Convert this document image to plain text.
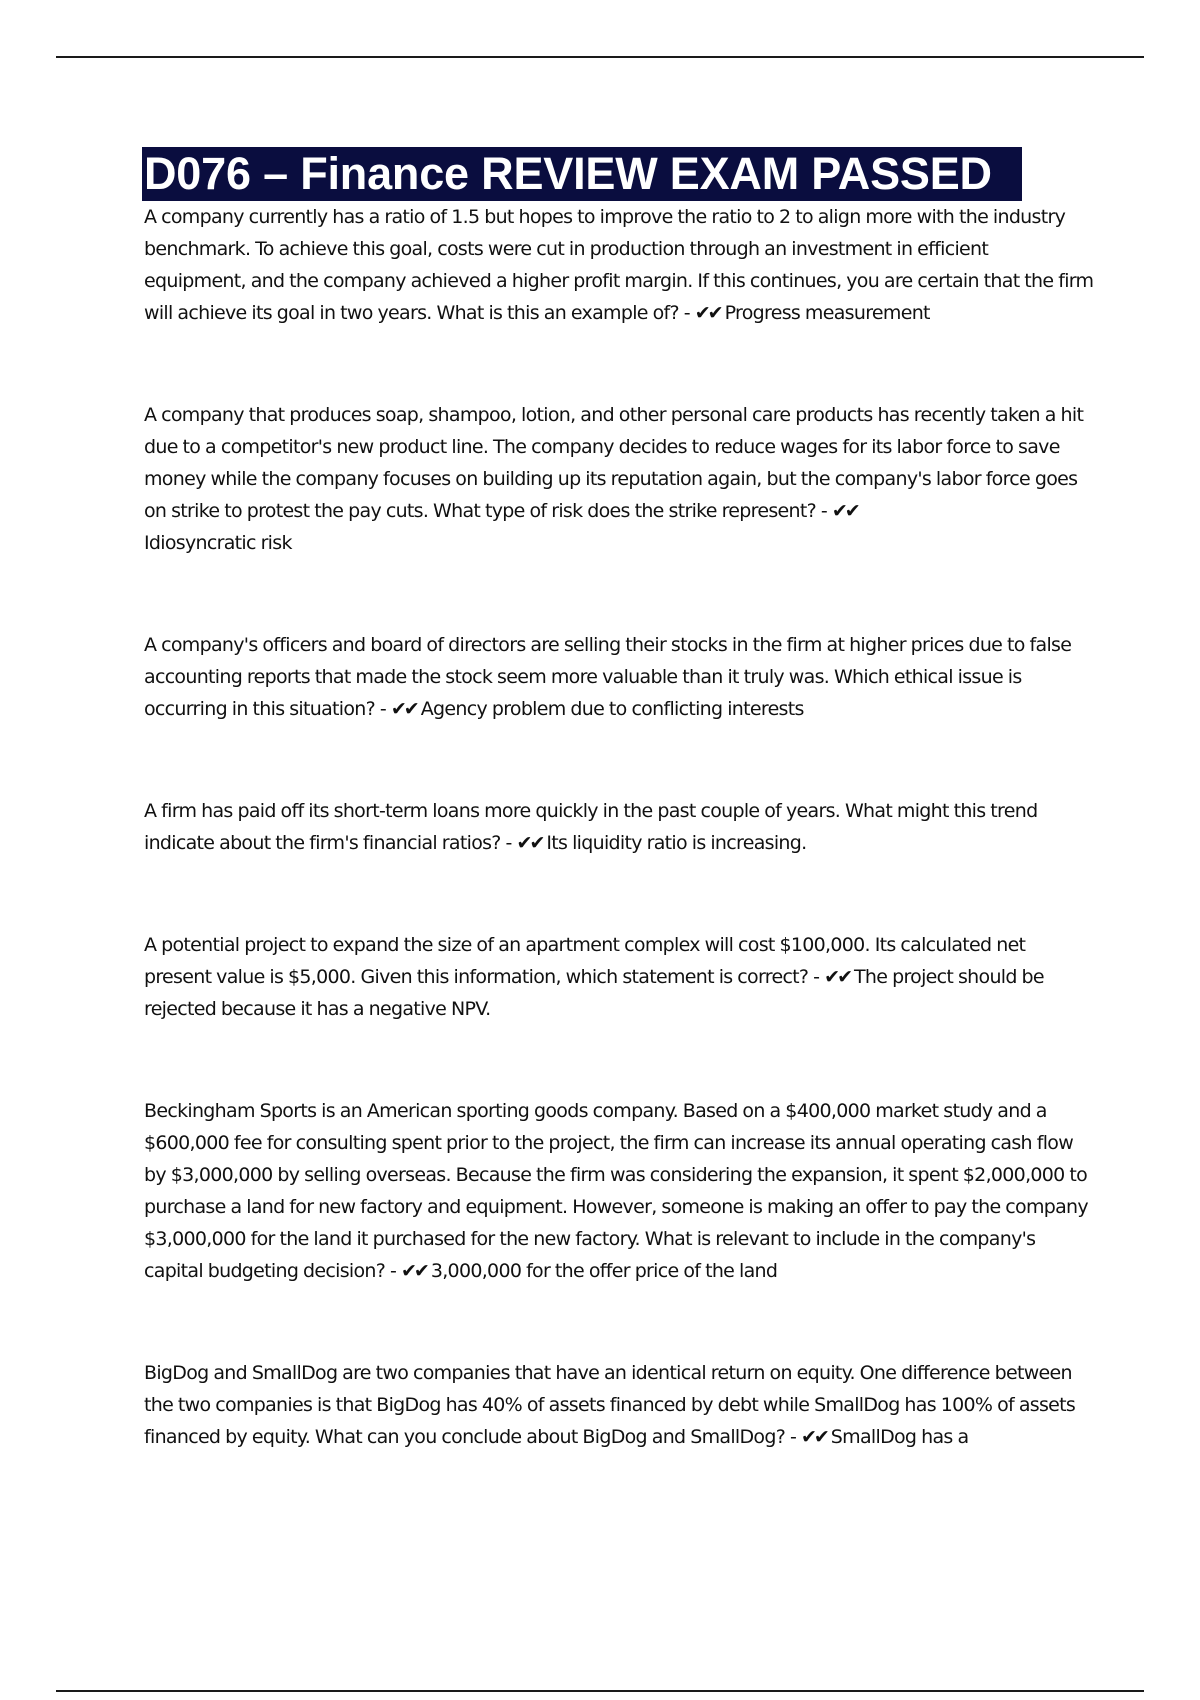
D076 – Finance REVIEW EXAM PASSED

A company currently has a ratio of 1.5 but hopes to improve the ratio to 2 to align more with the industry benchmark. To achieve this goal, costs were cut in production through an investment in efficient equipment, and the company achieved a higher profit margin. If this continues, you are certain that the firm will achieve its goal in two years. What is this an example of? - ✔✔ Progress measurement

A company that produces soap, shampoo, lotion, and other personal care products has recently taken a hit due to a competitor's new product line. The company decides to reduce wages for its labor force to save money while the company focuses on building up its reputation again, but the company's labor force goes on strike to protest the pay cuts. What type of risk does the strike represent? - ✔✔
Idiosyncratic risk

A company's officers and board of directors are selling their stocks in the firm at higher prices due to false accounting reports that made the stock seem more valuable than it truly was. Which ethical issue is occurring in this situation? - ✔✔ Agency problem due to conflicting interests

A firm has paid off its short-term loans more quickly in the past couple of years. What might this trend indicate about the firm's financial ratios? - ✔✔ Its liquidity ratio is increasing.

A potential project to expand the size of an apartment complex will cost $100,000. Its calculated net present value is $5,000. Given this information, which statement is correct? - ✔✔ The project should be rejected because it has a negative NPV.

Beckingham Sports is an American sporting goods company. Based on a $400,000 market study and a $600,000 fee for consulting spent prior to the project, the firm can increase its annual operating cash flow by $3,000,000 by selling overseas. Because the firm was considering the expansion, it spent $2,000,000 to purchase a land for new factory and equipment. However, someone is making an offer to pay the company $3,000,000 for the land it purchased for the new factory. What is relevant to include in the company's capital budgeting decision? - ✔✔ 3,000,000 for the offer price of the land

BigDog and SmallDog are two companies that have an identical return on equity. One difference between the two companies is that BigDog has 40% of assets financed by debt while SmallDog has 100% of assets financed by equity. What can you conclude about BigDog and SmallDog? - ✔✔ SmallDog has a
